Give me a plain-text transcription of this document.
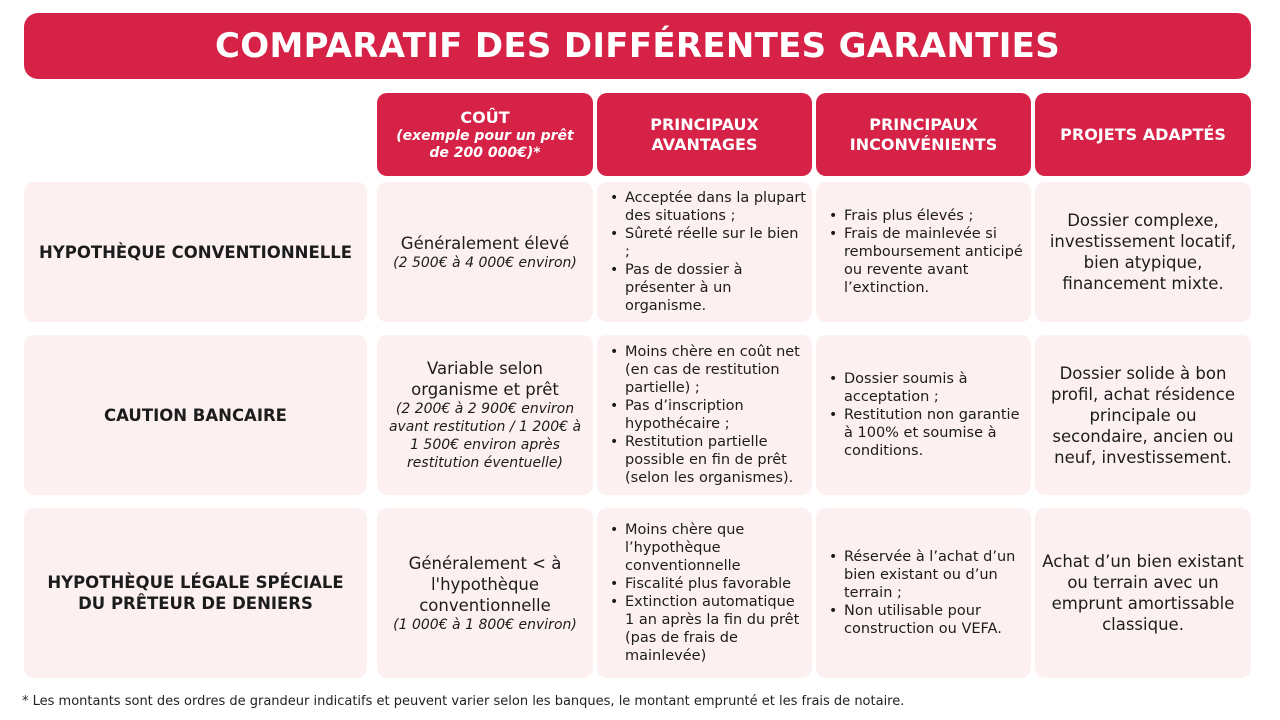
COMPARATIF DES DIFFÉRENTES GARANTIES
COÛT
(exemple pour un prêt de 200 000€)*
PRINCIPAUX AVANTAGES
PRINCIPAUX INCONVÉNIENTS
PROJETS ADAPTÉS
HYPOTHÈQUE CONVENTIONNELLE	Généralement élevé
(2 500€ à 4 000€ environ)
• Acceptée dans la plupart des situations ;
• Sûreté réelle sur le bien ;
• Pas de dossier à présenter à un organisme.
• Frais plus élevés ;
• Frais de mainlevée si remboursement anticipé ou revente avant l’extinction.
Dossier complexe, investissement locatif, bien atypique, financement mixte.
CAUTION BANCAIRE
Variable selon organisme et prêt
(2 200€ à 2 900€ environ avant restitution / 1 200€ à 1 500€ environ après restitution éventuelle)
• Moins chère en coût net (en cas de restitution partielle) ;
• Pas d’inscription hypothécaire ;
• Restitution partielle possible en fin de prêt (selon les organismes).
• Dossier soumis à acceptation ;
• Restitution non garantie à 100% et soumise à conditions.
Dossier solide à bon profil, achat résidence principale ou secondaire, ancien ou neuf, investissement.
HYPOTHÈQUE LÉGALE SPÉCIALE DU PRÊTEUR DE DENIERS
Généralement < à l'hypothèque conventionnelle
(1 000€ à 1 800€ environ)
• Moins chère que l’hypothèque conventionnelle
• Fiscalité plus favorable
• Extinction automatique 1 an après la fin du prêt (pas de frais de mainlevée)
• Réservée à l’achat d’un bien existant ou d’un terrain ;
• Non utilisable pour construction ou VEFA.
Achat d’un bien existant ou terrain avec un emprunt amortissable classique.
* Les montants sont des ordres de grandeur indicatifs et peuvent varier selon les banques, le montant emprunté et les frais de notaire.
